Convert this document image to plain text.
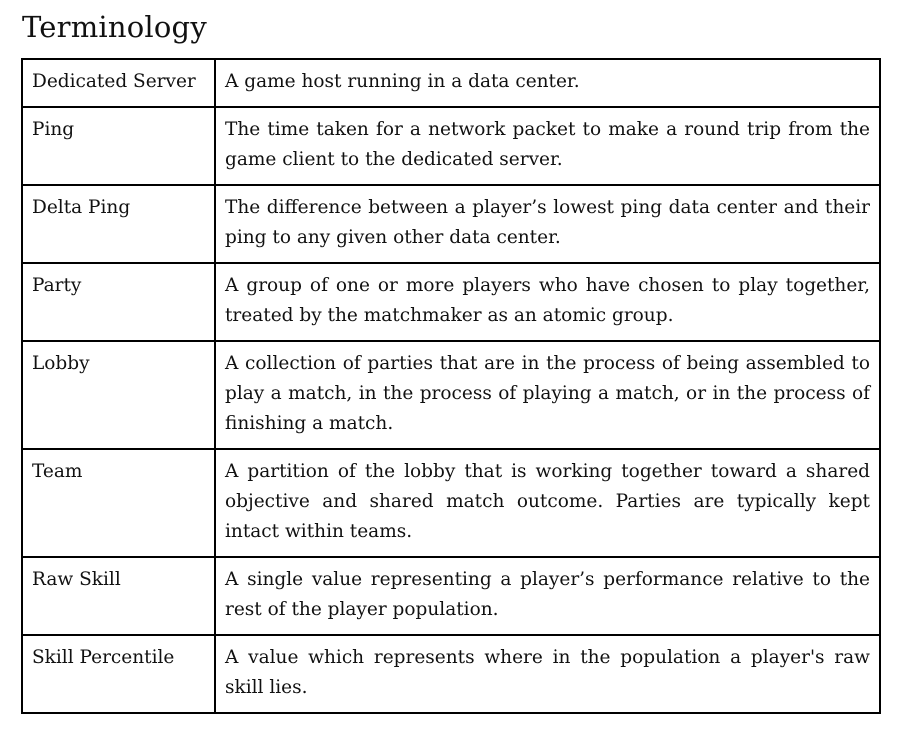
Terminology
Dedicated Server	A game host running in a data center.
Ping	The time taken for a network packet to make a round trip from the game client to the dedicated server.
Delta Ping	The difference between a player’s lowest ping data center and their ping to any given other data center.
Party	A group of one or more players who have chosen to play together, treated by the matchmaker as an atomic group.
Lobby	A collection of parties that are in the process of being assembled to play a match, in the process of playing a match, or in the process of finishing a match.
Team	A partition of the lobby that is working together toward a shared objective and shared match outcome. Parties are typically kept intact within teams.
Raw Skill	A single value representing a player’s performance relative to the rest of the player population.
Skill Percentile	A value which represents where in the population a player's raw skill lies.
